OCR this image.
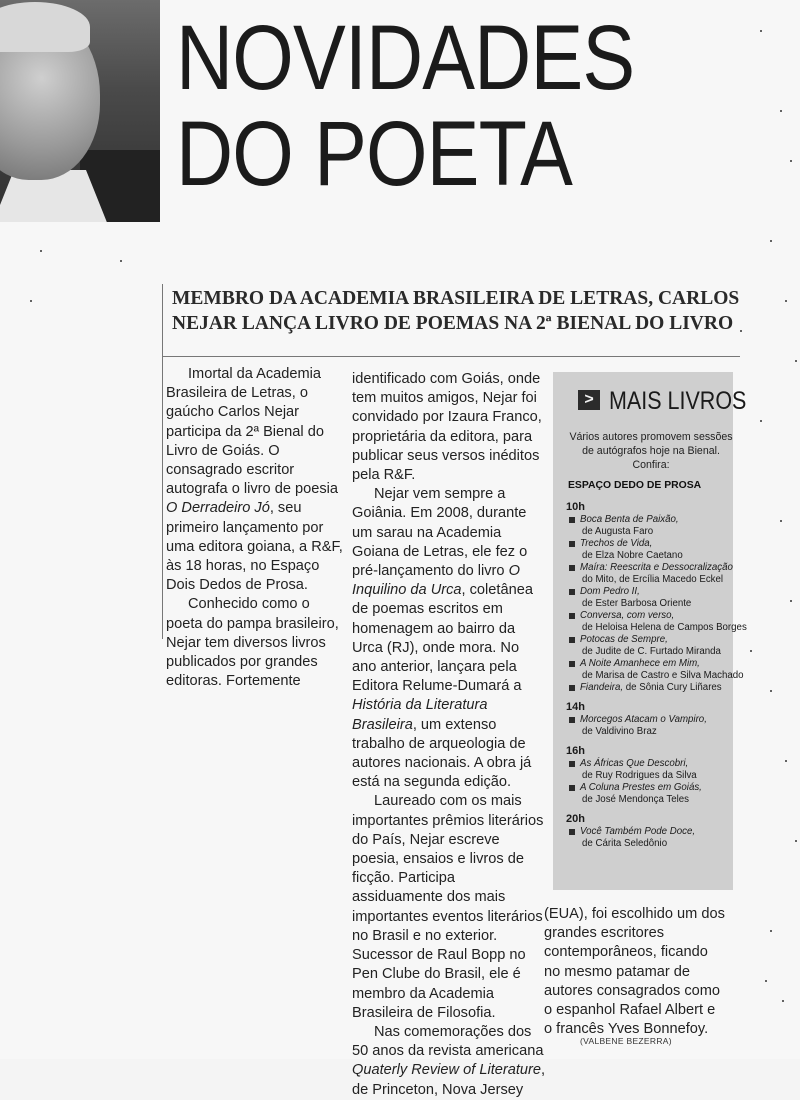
NOVIDADES
DO POETA
MEMBRO DA ACADEMIA BRASILEIRA DE LETRAS, CARLOS
NEJAR LANÇA LIVRO DE POEMAS NA 2ª BIENAL DO LIVRO

Imortal da Academia Brasileira de Letras, o gaúcho Carlos Nejar participa da 2ª Bienal do Livro de Goiás. O consagrado escritor autografa o livro de poesia O Derradeiro Jó, seu primeiro lançamento por uma editora goiana, a R&F, às 18 horas, no Espaço Dois Dedos de Prosa.

Conhecido como o poeta do pampa brasileiro, Nejar tem diversos livros publicados por grandes editoras. Fortemente

identificado com Goiás, onde tem muitos amigos, Nejar foi convidado por Izaura Franco, proprietária da editora, para publicar seus versos inéditos pela R&F.

Nejar vem sempre a Goiânia. Em 2008, durante um sarau na Academia Goiana de Letras, ele fez o pré-lançamento do livro O Inquilino da Urca, coletânea de poemas escritos em homenagem ao bairro da Urca (RJ), onde mora. No ano anterior, lançara pela Editora Relume-Dumará a História da Literatura Brasileira, um extenso trabalho de arqueologia de autores nacionais. A obra já está na segunda edição.

Laureado com os mais importantes prêmios literários do País, Nejar escreve poesia, ensaios e livros de ficção. Participa assiduamente dos mais importantes eventos literários no Brasil e no exterior. Sucessor de Raul Bopp no Pen Clube do Brasil, ele é membro da Academia Brasileira de Filosofia.

Nas comemorações dos 50 anos da revista americana Quaterly Review of Literature, de Princeton, Nova Jersey

(EUA), foi escolhido um dos grandes escritores contemporâneos, ficando no mesmo patamar de autores consagrados como o espanhol Rafael Albert e o francês Yves Bonnefoy.

(VALBENE BEZERRA)
> MAIS LIVROS
Vários autores promovem sessões de autógrafos hoje na Bienal. Confira:
ESPAÇO DEDO DE PROSA

10h

Boca Benta de Paixão,
de Augusta Faro

Trechos de Vida,
de Elza Nobre Caetano

Maíra: Reescrita e Dessocralização
do Mito, de Ercília Macedo Eckel

Dom Pedro II,
de Ester Barbosa Oriente

Conversa, com verso,
de Heloisa Helena de Campos Borges

Potocas de Sempre,
de Judite de C. Furtado Miranda

A Noite Amanhece em Mim,
de Marisa de Castro e Silva Machado

Fiandeira, de Sônia Cury Liñares

14h

Morcegos Atacam o Vampiro,
de Valdivino Braz

16h

As Áfricas Que Descobri,
de Ruy Rodrigues da Silva

A Coluna Prestes em Goiás,
de José Mendonça Teles

20h

Você Também Pode Doce,
de Cárita Seledônio
